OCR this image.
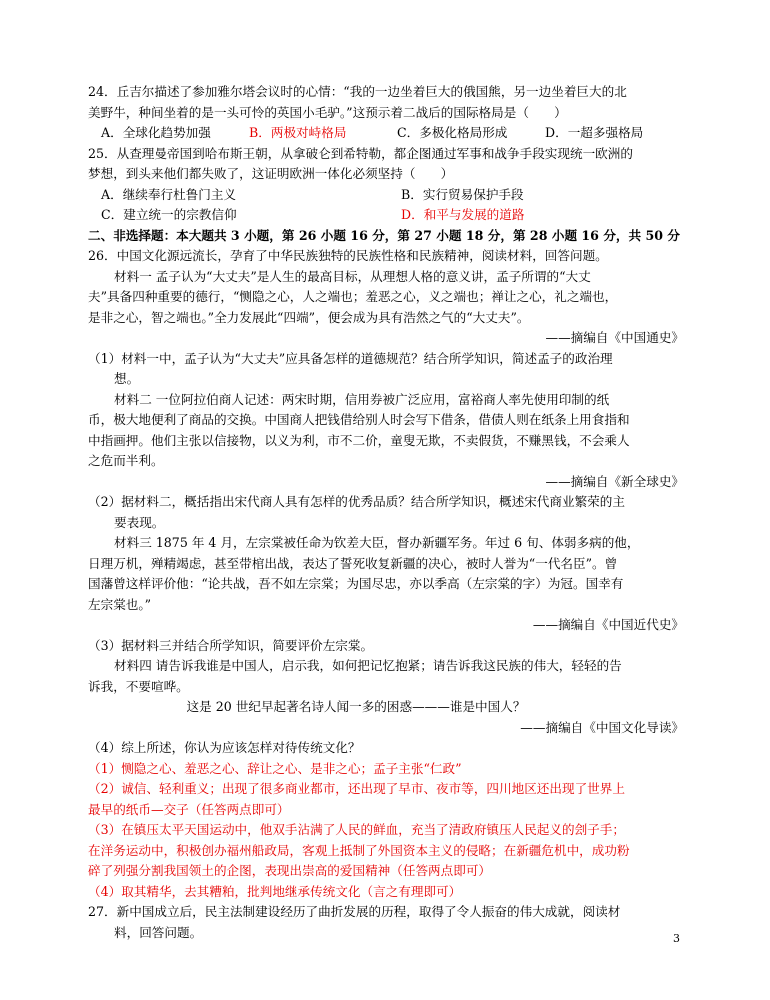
24．丘吉尔描述了参加雅尔塔会议时的心情：“我的一边坐着巨大的俄国熊，另一边坐着巨大的北
美野牛，种间坐着的是一头可怜的英国小毛驴。”这预示着二战后的国际格局是（　　）
A．全球化趋势加强	B．两极对峙格局	C．多极化格局形成	D．一超多强格局
25．从查理曼帝国到哈布斯王朝，从拿破仑到希特勒，都企图通过军事和战争手段实现统一欧洲的
梦想，到头来他们都失败了，这证明欧洲一体化必须坚持（　　）
A．继续奉行杜鲁门主义	B．实行贸易保护手段
C．建立统一的宗教信仰	D．和平与发展的道路
二、非选择题：本大题共 3 小题，第 26 小题 16 分，第 27 小题 18 分，第 28 小题 16 分，共 50 分
26．中国文化源远流长，孕育了中华民族独特的民族性格和民族精神，阅读材料，回答问题。
材料一 孟子认为“大丈夫”是人生的最高目标，从理想人格的意义讲，孟子所谓的“大丈
夫”具备四种重要的德行，“恻隐之心，人之端也；羞恶之心，义之端也；禅让之心，礼之端也，
是非之心，智之端也。”全力发展此“四端”，便会成为具有浩然之气的“大丈夫”。
——摘编自《中国通史》
（1）材料一中，孟子认为“大丈夫”应具备怎样的道德规范？结合所学知识，简述孟子的政治理
想。
材料二 一位阿拉伯商人记述：两宋时期，信用券被广泛应用，富裕商人率先使用印制的纸
币，极大地便利了商品的交换。中国商人把钱借给别人时会写下借条，借债人则在纸条上用食指和
中指画押。他们主张以信接物，以义为利，市不二价，童叟无欺，不卖假货，不赚黑钱，不会乘人
之危而半利。
——摘编自《新全球史》
（2）据材料二，概括指出宋代商人具有怎样的优秀品质？结合所学知识，概述宋代商业繁荣的主
要表现。
材料三 1875 年 4 月，左宗棠被任命为钦差大臣，督办新疆军务。年过 6 旬、体弱多病的他，
日理万机，殚精竭虑，甚至带棺出战，表达了誓死收复新疆的决心，被时人誉为“一代名臣”。曾
国藩曾这样评价他：“论共战，吾不如左宗棠；为国尽忠，亦以季高（左宗棠的字）为冠。国幸有
左宗棠也。”
——摘编自《中国近代史》
（3）据材料三并结合所学知识，简要评价左宗棠。
材料四 请告诉我谁是中国人，启示我，如何把记忆抱紧；请告诉我这民族的伟大，轻轻的告
诉我，不要喧哗。
这是 20 世纪早起著名诗人闻一多的困惑———谁是中国人？
——摘编自《中国文化导读》
（4）综上所述，你认为应该怎样对待传统文化？
（1）恻隐之心、羞恶之心、辞让之心、是非之心；孟子主张“仁政”
（2）诚信、轻利重义；出现了很多商业都市，还出现了早市、夜市等，四川地区还出现了世界上
最早的纸币—交子（任答两点即可）
（3）在镇压太平天国运动中，他双手沾满了人民的鲜血，充当了清政府镇压人民起义的刽子手；
在洋务运动中，积极创办福州船政局，客观上抵制了外国资本主义的侵略；在新疆危机中，成功粉
碎了列强分割我国领土的企图，表现出崇高的爱国精神（任答两点即可）
（4）取其精华，去其糟粕，批判地继承传统文化（言之有理即可）
27．新中国成立后，民主法制建设经历了曲折发展的历程，取得了令人振奋的伟大成就，阅读材
料，回答问题。	3
